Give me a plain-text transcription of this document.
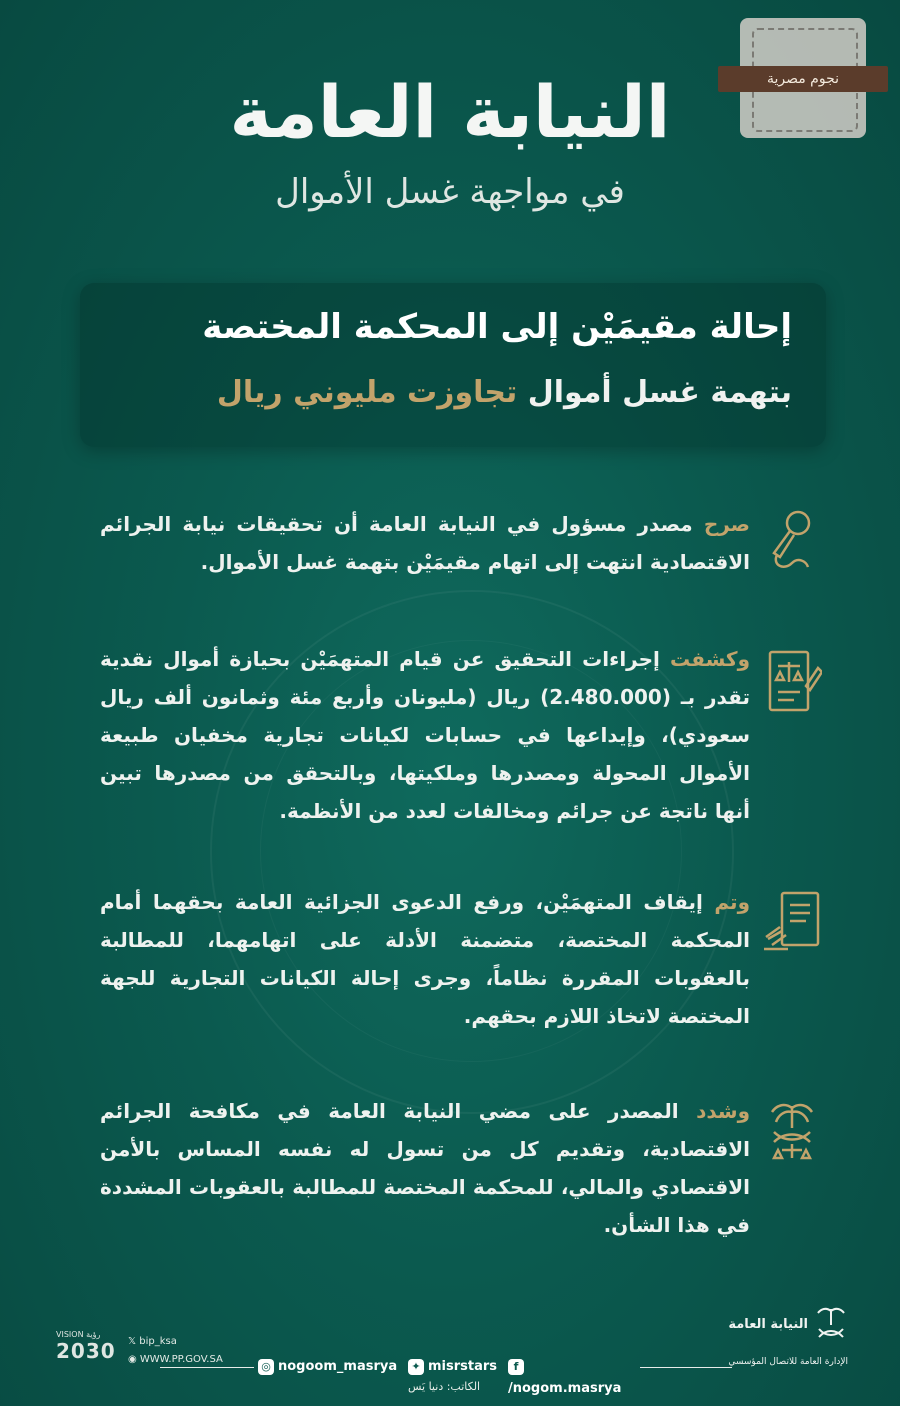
نجوم مصرية
النيابة العامة
في مواجهة غسل الأموال
إحالة مقيمَيْن إلى المحكمة المختصة
بتهمة غسل أموال تجاوزت مليوني ريال
صرح مصدر مسؤول في النيابة العامة أن تحقيقات نيابة الجرائم الاقتصادية انتهت إلى اتهام مقيمَيْن بتهمة غسل الأموال.
وكشفت إجراءات التحقيق عن قيام المتهمَيْن بحيازة أموال نقدية تقدر بـ (2.480.000) ريال (مليونان وأربع مئة وثمانون ألف ريال سعودي)، وإيداعها في حسابات لكيانات تجارية مخفيان طبيعة الأموال المحولة ومصدرها وملكيتها، وبالتحقق من مصدرها تبين أنها ناتجة عن جرائم ومخالفات لعدد من الأنظمة.
وتم إيقاف المتهمَيْن، ورفع الدعوى الجزائية العامة بحقهما أمام المحكمة المختصة، متضمنة الأدلة على اتهامهما، للمطالبة بالعقوبات المقررة نظاماً، وجرى إحالة الكيانات التجارية للجهة المختصة لاتخاذ اللازم بحقهم.
وشدد المصدر على مضي النيابة العامة في مكافحة الجرائم الاقتصادية، وتقديم كل من تسول له نفسه المساس بالأمن الاقتصادي والمالي، للمحكمة المختصة للمطالبة بالعقوبات المشددة في هذا الشأن.
VISION رؤية
2030	𝕏 bip_ksa
◉ WWW.PP.GOV.SA	◎ nogoom_masrya	✦ misrstars	f/nogom.masrya
الكاتب: دنيا يَس
النيابة العامة
الإدارة العامة للاتصال المؤسسي
